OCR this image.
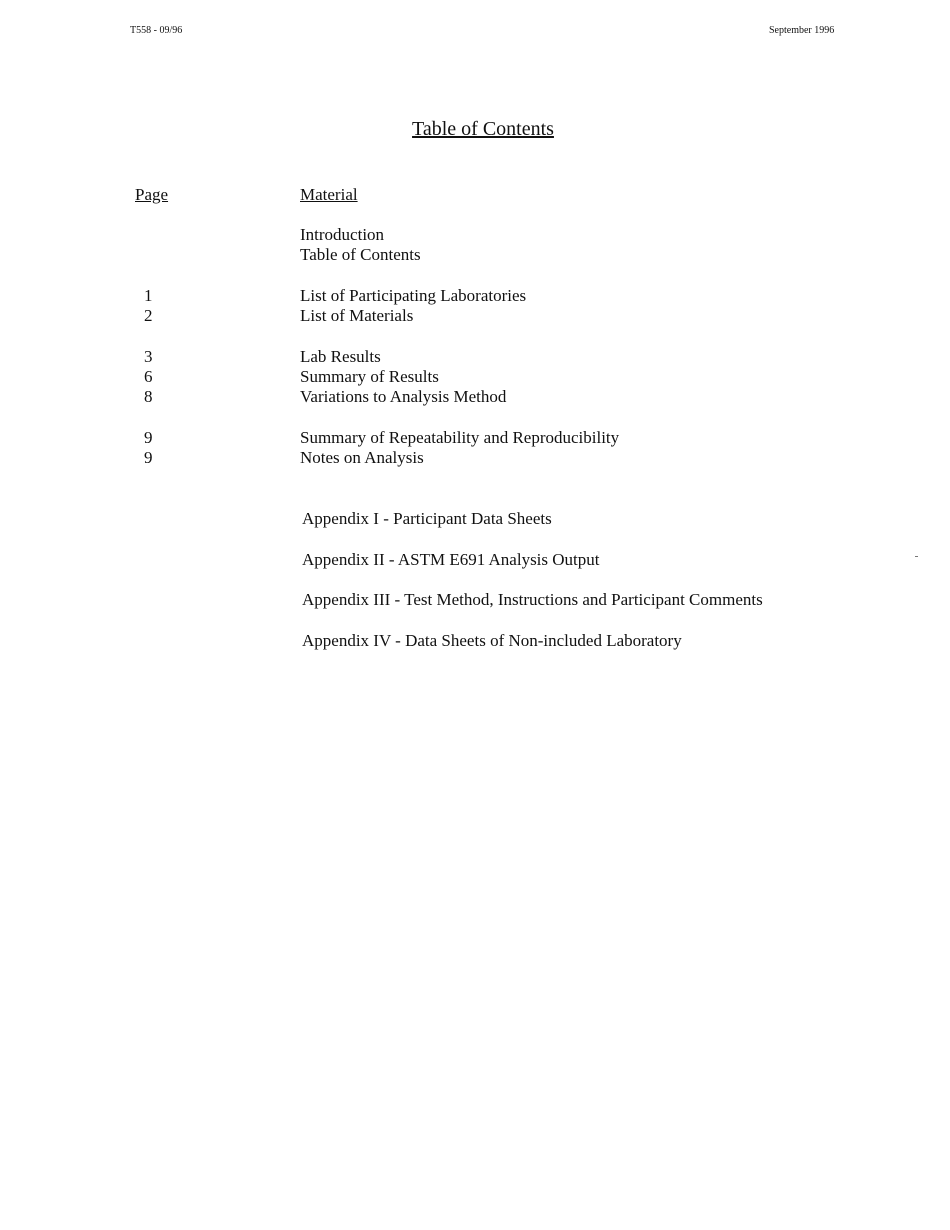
T558 - 09/96	September 1996
Table of Contents
Page	Material
Introduction
Table of Contents
1	List of Participating Laboratories
2	List of Materials
3	Lab Results
6	Summary of Results
8	Variations to Analysis Method
9	Summary of Repeatability and Reproducibility
9	Notes on Analysis
Appendix I - Participant Data Sheets
Appendix II - ASTM E691 Analysis Output
Appendix III - Test Method, Instructions and Participant Comments
Appendix IV - Data Sheets of Non-included Laboratory
